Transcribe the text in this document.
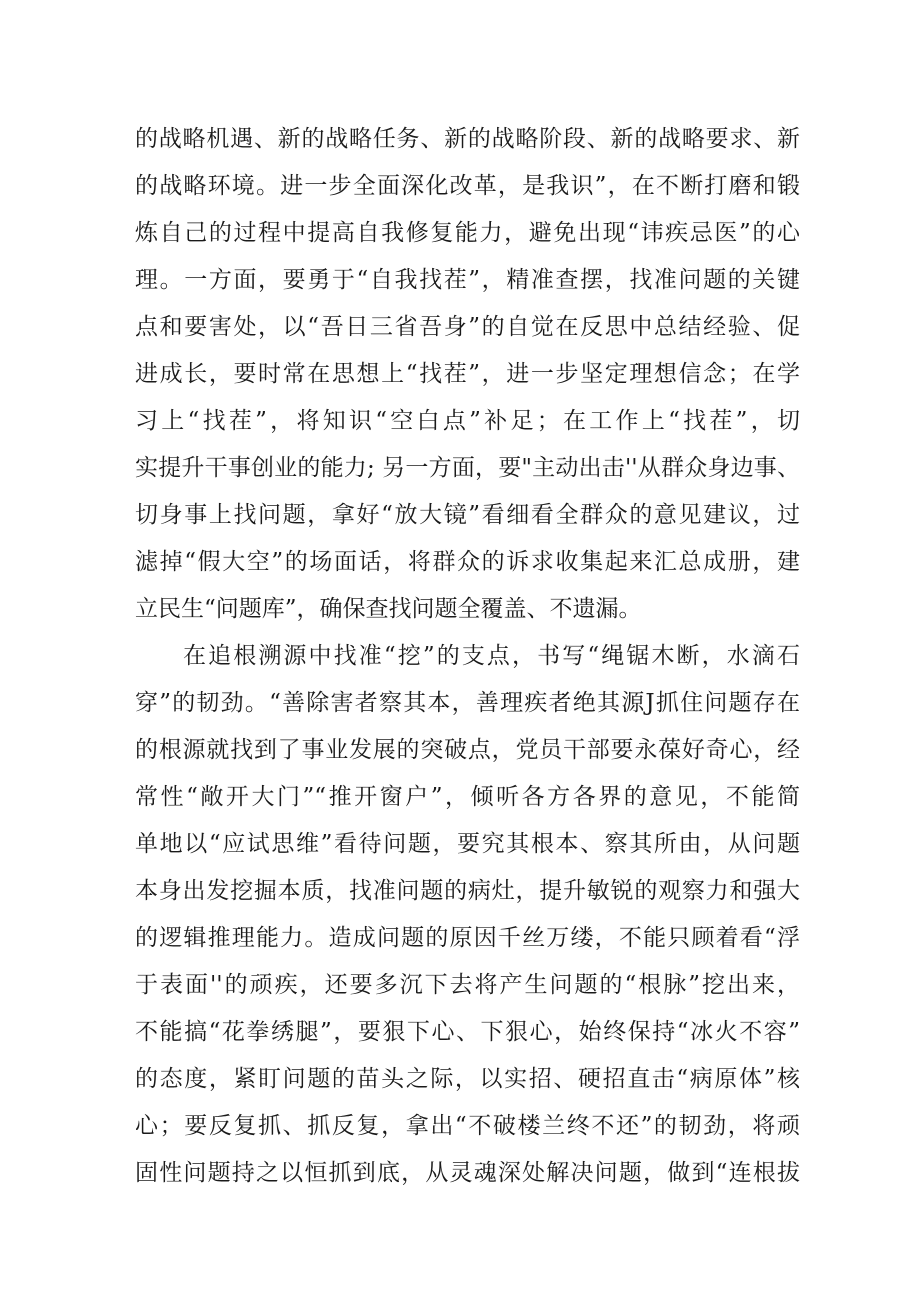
的战略机遇、新的战略任务、新的战略阶段、新的战略要求、新
的战略环境。进一步全面深化改革，是我识”，在不断打磨和锻
炼自己的过程中提高自我修复能力，避免出现“讳疾忌医”的心
理。一方面，要勇于“自我找茬”，精准查摆，找准问题的关键
点和要害处，以“吾日三省吾身”的自觉在反思中总结经验、促
进成长，要时常在思想上“找茬”，进一步坚定理想信念；在学
习上“找茬”，将知识“空白点”补足；在工作上“找茬”，切
实提升干事创业的能力; 另一方面，要"主动出击''从群众身边事、
切身事上找问题，拿好“放大镜”看细看全群众的意见建议，过
滤掉“假大空”的场面话，将群众的诉求收集起来汇总成册，建
立民生“问题库”，确保查找问题全覆盖、不遗漏。
在追根溯源中找准“挖”的支点，书写“绳锯木断，水滴石
穿”的韧劲。“善除害者察其本，善理疾者绝其源J抓住问题存在
的根源就找到了事业发展的突破点，党员干部要永葆好奇心，经
常性“敞开大门”“推开窗户”，倾听各方各界的意见，不能简
单地以“应试思维”看待问题，要究其根本、察其所由，从问题
本身出发挖掘本质，找准问题的病灶，提升敏锐的观察力和强大
的逻辑推理能力。造成问题的原因千丝万缕，不能只顾着看“浮
于表面''的顽疾，还要多沉下去将产生问题的“根脉”挖出来，
不能搞“花拳绣腿”，要狠下心、下狠心，始终保持“冰火不容”
的态度，紧盯问题的苗头之际，以实招、硬招直击“病原体”核
心；要反复抓、抓反复，拿出“不破楼兰终不还”的韧劲，将顽
固性问题持之以恒抓到底，从灵魂深处解决问题，做到“连根拔
